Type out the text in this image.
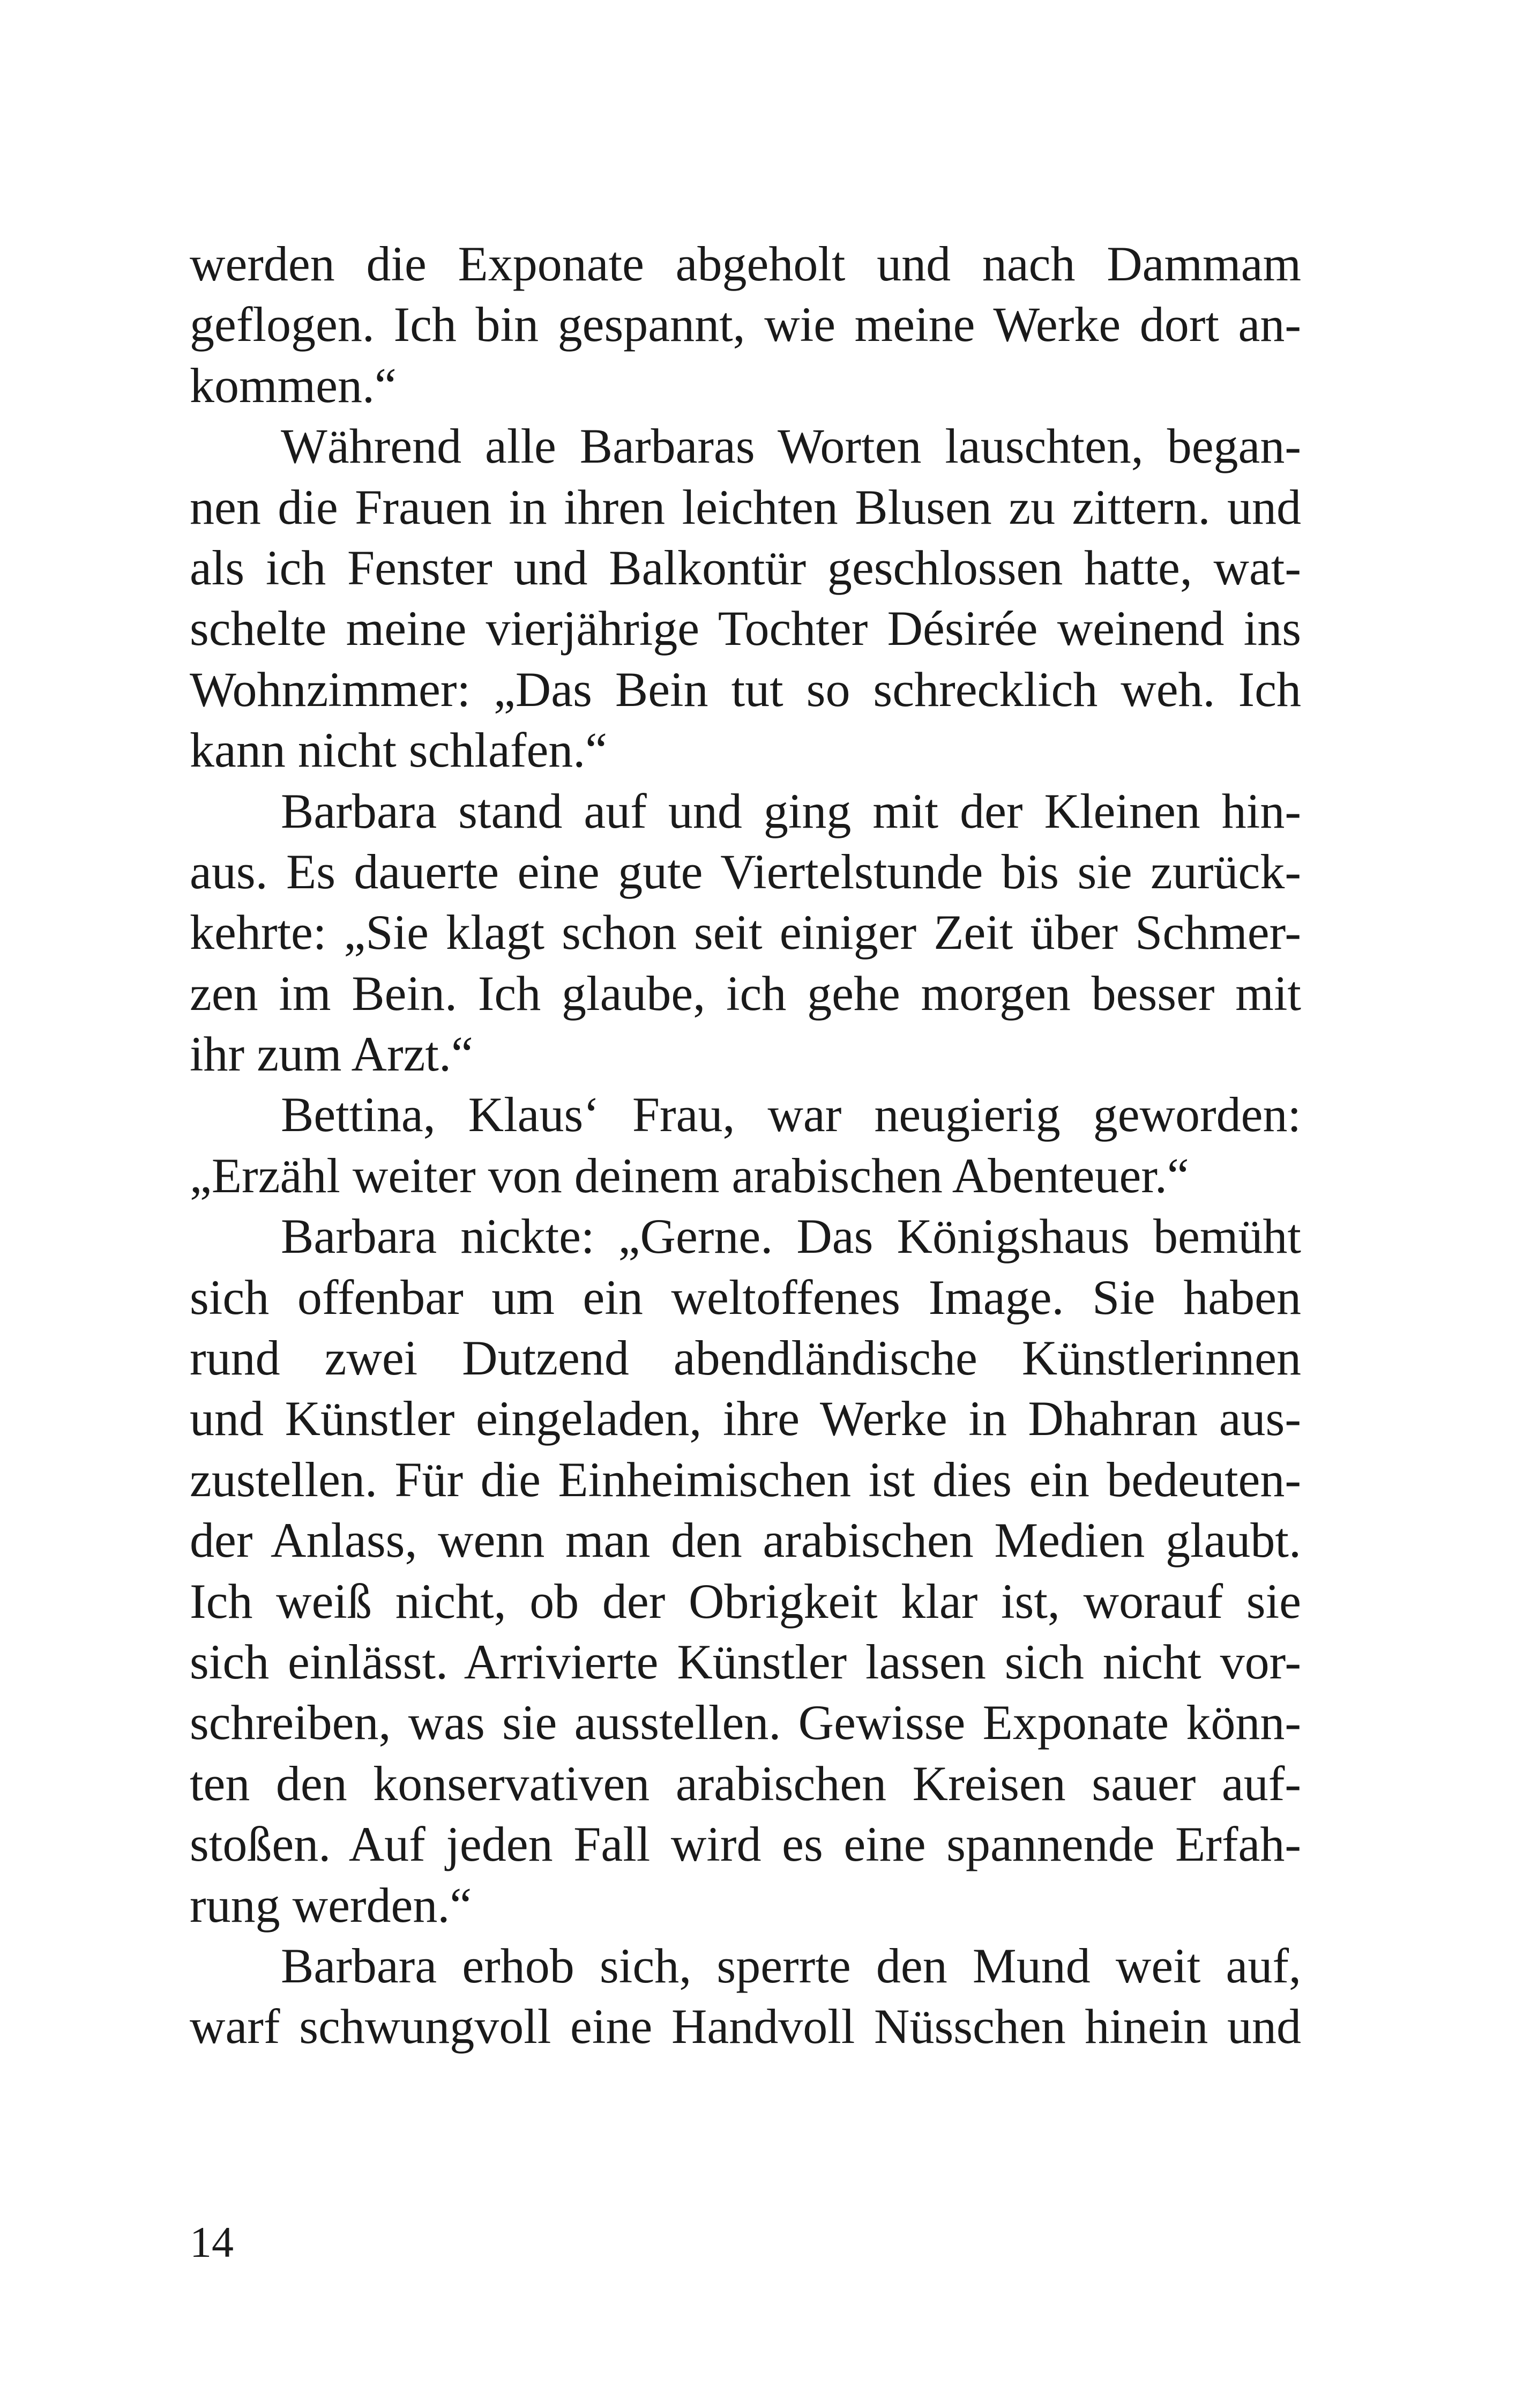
werden die Exponate abgeholt und nach Dammam
geflogen. Ich bin gespannt, wie meine Werke dort an-
kommen.“
Während alle Barbaras Worten lauschten, began-
nen die Frauen in ihren leichten Blusen zu zittern. und
als ich Fenster und Balkontür geschlossen hatte, wat-
schelte meine vierjährige Tochter Désirée weinend ins
Wohnzimmer: „Das Bein tut so schrecklich weh. Ich
kann nicht schlafen.“
Barbara stand auf und ging mit der Kleinen hin-
aus. Es dauerte eine gute Viertelstunde bis sie zurück-
kehrte: „Sie klagt schon seit einiger Zeit über Schmer-
zen im Bein. Ich glaube, ich gehe morgen besser mit
ihr zum Arzt.“
Bettina, Klaus‘ Frau, war neugierig geworden:
„Erzähl weiter von deinem arabischen Abenteuer.“
Barbara nickte: „Gerne. Das Königshaus bemüht
sich offenbar um ein weltoffenes Image. Sie haben
rund zwei Dutzend abendländische Künstlerinnen
und Künstler eingeladen, ihre Werke in Dhahran aus-
zustellen. Für die Einheimischen ist dies ein bedeuten-
der Anlass, wenn man den arabischen Medien glaubt.
Ich weiß nicht, ob der Obrigkeit klar ist, worauf sie
sich einlässt. Arrivierte Künstler lassen sich nicht vor-
schreiben, was sie ausstellen. Gewisse Exponate könn-
ten den konservativen arabischen Kreisen sauer auf-
stoßen. Auf jeden Fall wird es eine spannende Erfah-
rung werden.“
Barbara erhob sich, sperrte den Mund weit auf,
warf schwungvoll eine Handvoll Nüsschen hinein und
14
